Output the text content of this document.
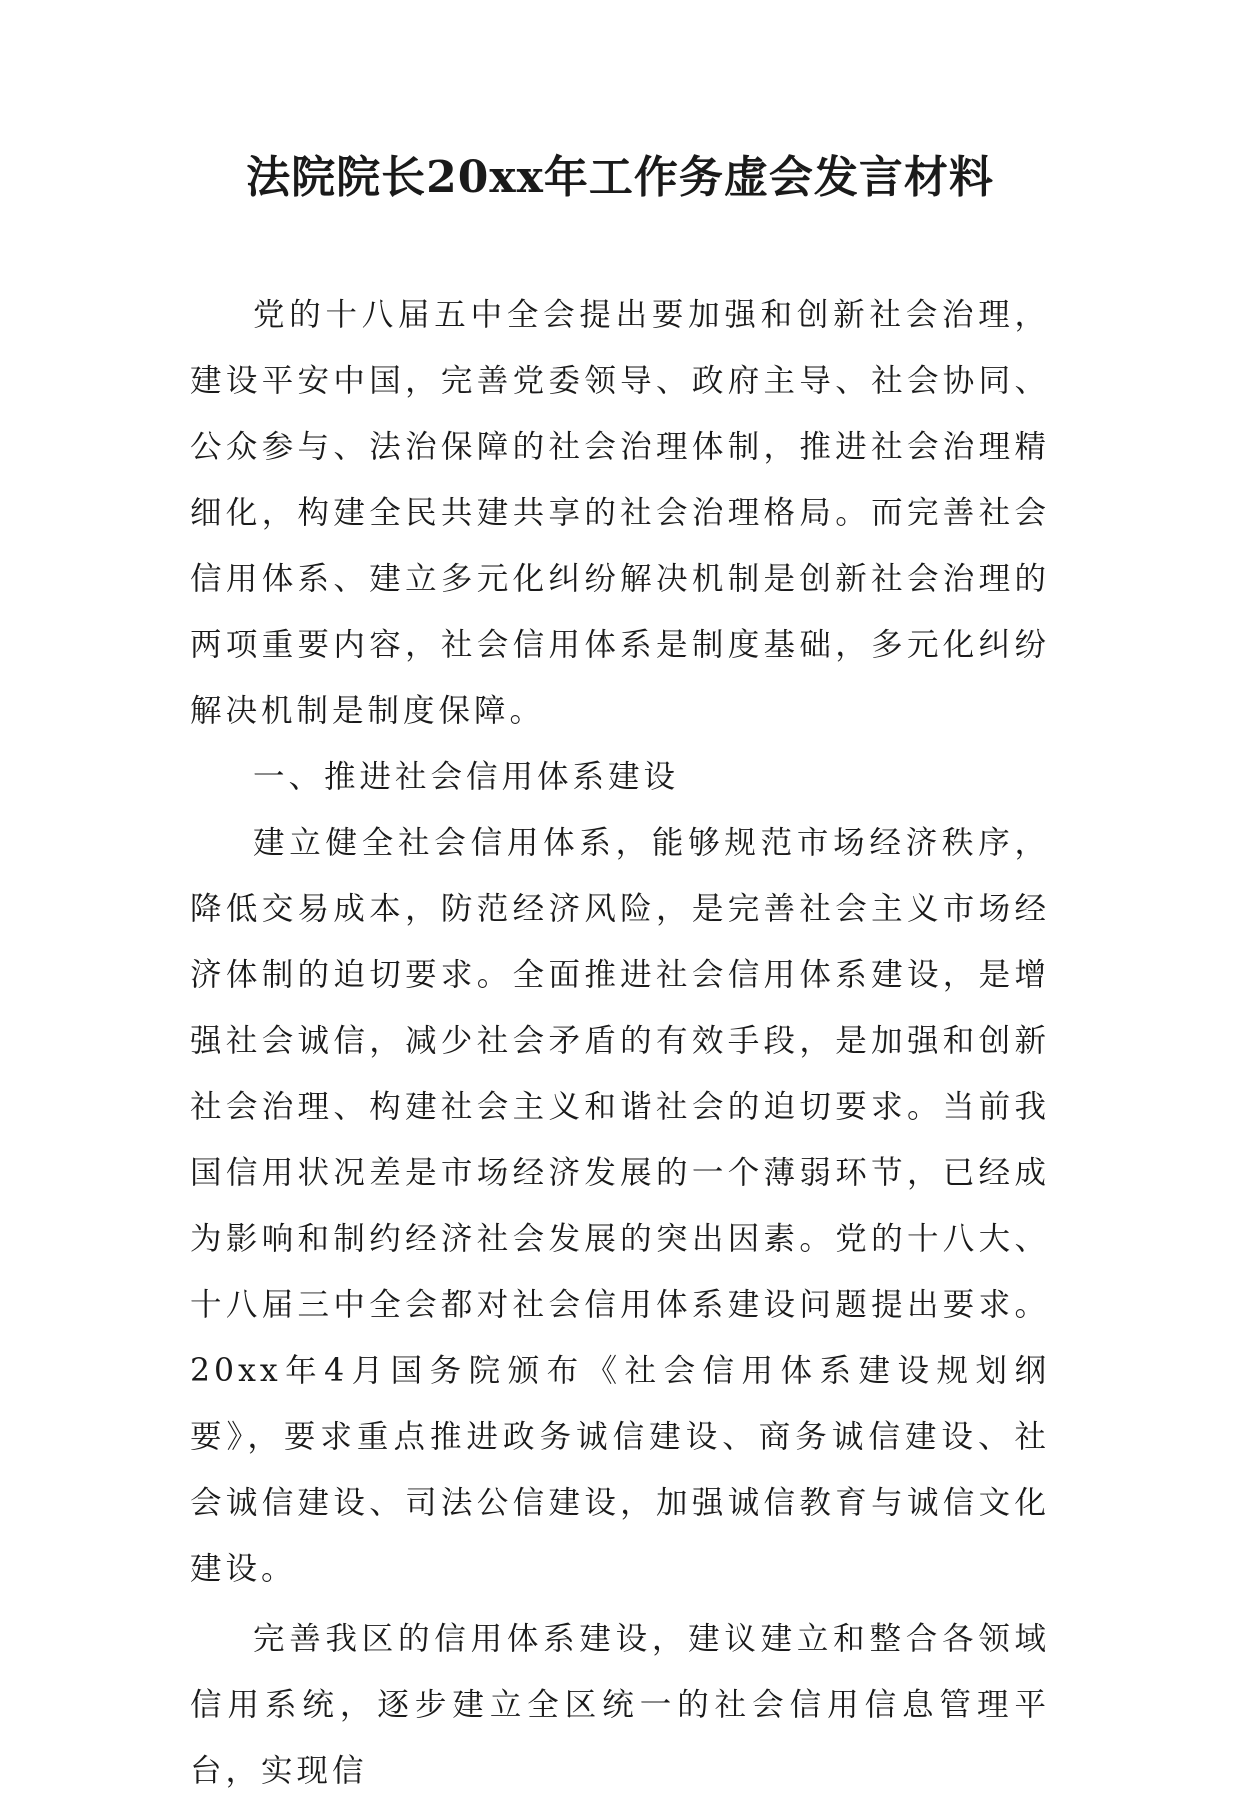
法院院长20xx年工作务虚会发言材料

党的十八届五中全会提出要加强和创新社会治理，建设平安中国，完善党委领导、政府主导、社会协同、公众参与、法治保障的社会治理体制，推进社会治理精细化，构建全民共建共享的社会治理格局。而完善社会信用体系、建立多元化纠纷解决机制是创新社会治理的两项重要内容，社会信用体系是制度基础，多元化纠纷解决机制是制度保障。

一、推进社会信用体系建设

建立健全社会信用体系，能够规范市场经济秩序，降低交易成本，防范经济风险，是完善社会主义市场经济体制的迫切要求。全面推进社会信用体系建设，是增强社会诚信，减少社会矛盾的有效手段，是加强和创新社会治理、构建社会主义和谐社会的迫切要求。当前我国信用状况差是市场经济发展的一个薄弱环节，已经成为影响和制约经济社会发展的突出因素。党的十八大、十八届三中全会都对社会信用体系建设问题提出要求。20xx年4月国务院颁布《社会信用体系建设规划纲要》，要求重点推进政务诚信建设、商务诚信建设、社会诚信建设、司法公信建设，加强诚信教育与诚信文化建设。

完善我区的信用体系建设，建议建立和整合各领域信用系统，逐步建立全区统一的社会信用信息管理平台，实现信
